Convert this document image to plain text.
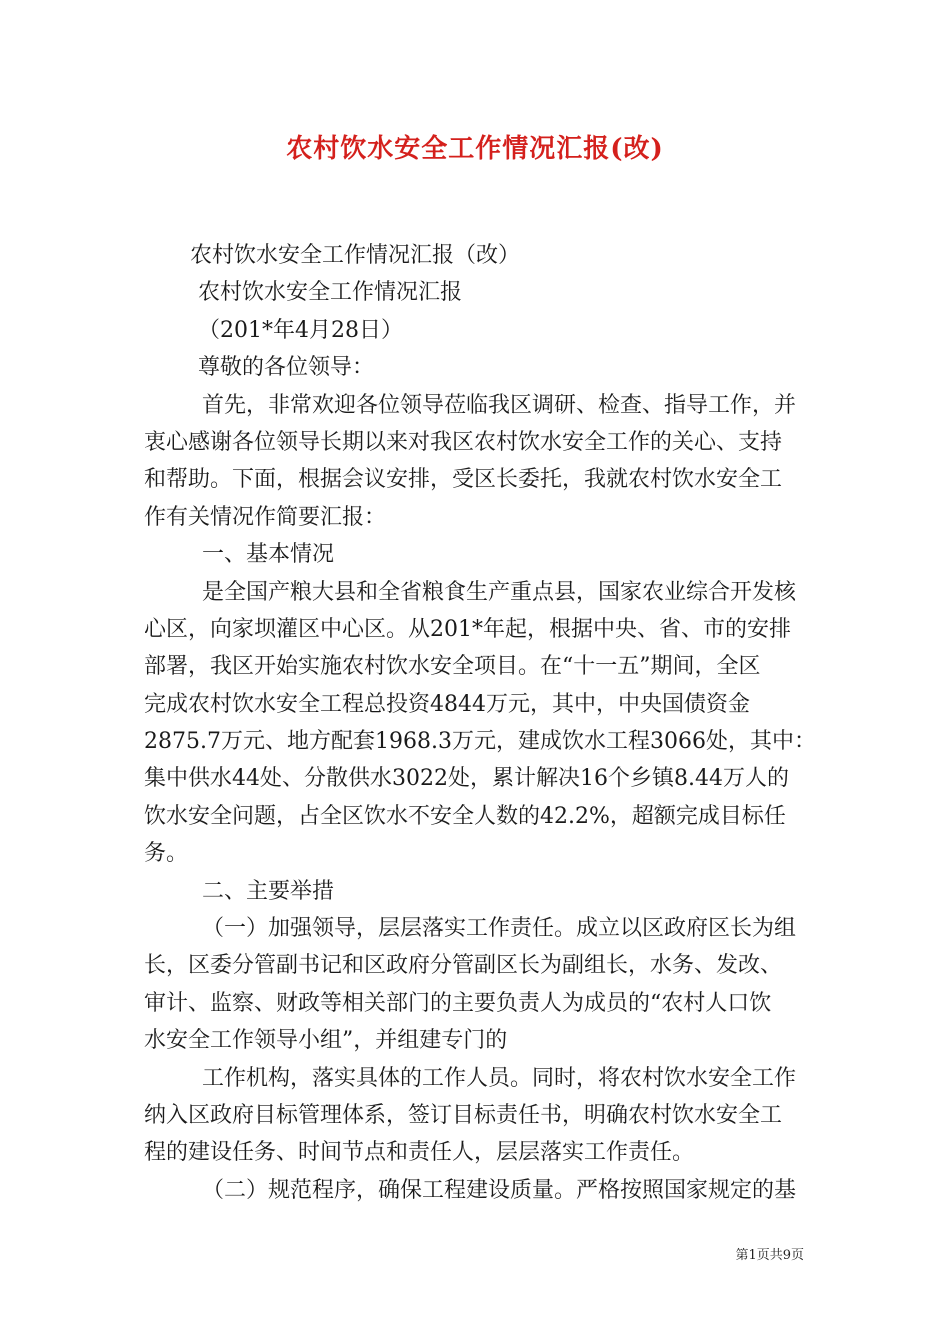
农村饮水安全工作情况汇报(改)
农村饮水安全工作情况汇报（改）
农村饮水安全工作情况汇报
（201*年4月28日）
尊敬的各位领导：
首先，非常欢迎各位领导莅临我区调研、检查、指导工作，并
衷心感谢各位领导长期以来对我区农村饮水安全工作的关心、支持
和帮助。下面，根据会议安排，受区长委托，我就农村饮水安全工
作有关情况作简要汇报：
一、基本情况
是全国产粮大县和全省粮食生产重点县，国家农业综合开发核
心区，向家坝灌区中心区。从201*年起，根据中央、省、市的安排
部署，我区开始实施农村饮水安全项目。在“十一五”期间，全区
完成农村饮水安全工程总投资4844万元，其中，中央国债资金
2875.7万元、地方配套1968.3万元，建成饮水工程3066处，其中：
集中供水44处、分散供水3022处，累计解决16个乡镇8.44万人的
饮水安全问题，占全区饮水不安全人数的42.2%，超额完成目标任
务。
二、主要举措
（一）加强领导，层层落实工作责任。成立以区政府区长为组
长，区委分管副书记和区政府分管副区长为副组长，水务、发改、
审计、监察、财政等相关部门的主要负责人为成员的“农村人口饮
水安全工作领导小组”，并组建专门的
工作机构，落实具体的工作人员。同时，将农村饮水安全工作
纳入区政府目标管理体系，签订目标责任书，明确农村饮水安全工
程的建设任务、时间节点和责任人，层层落实工作责任。
（二）规范程序，确保工程建设质量。严格按照国家规定的基
第1页共9页
